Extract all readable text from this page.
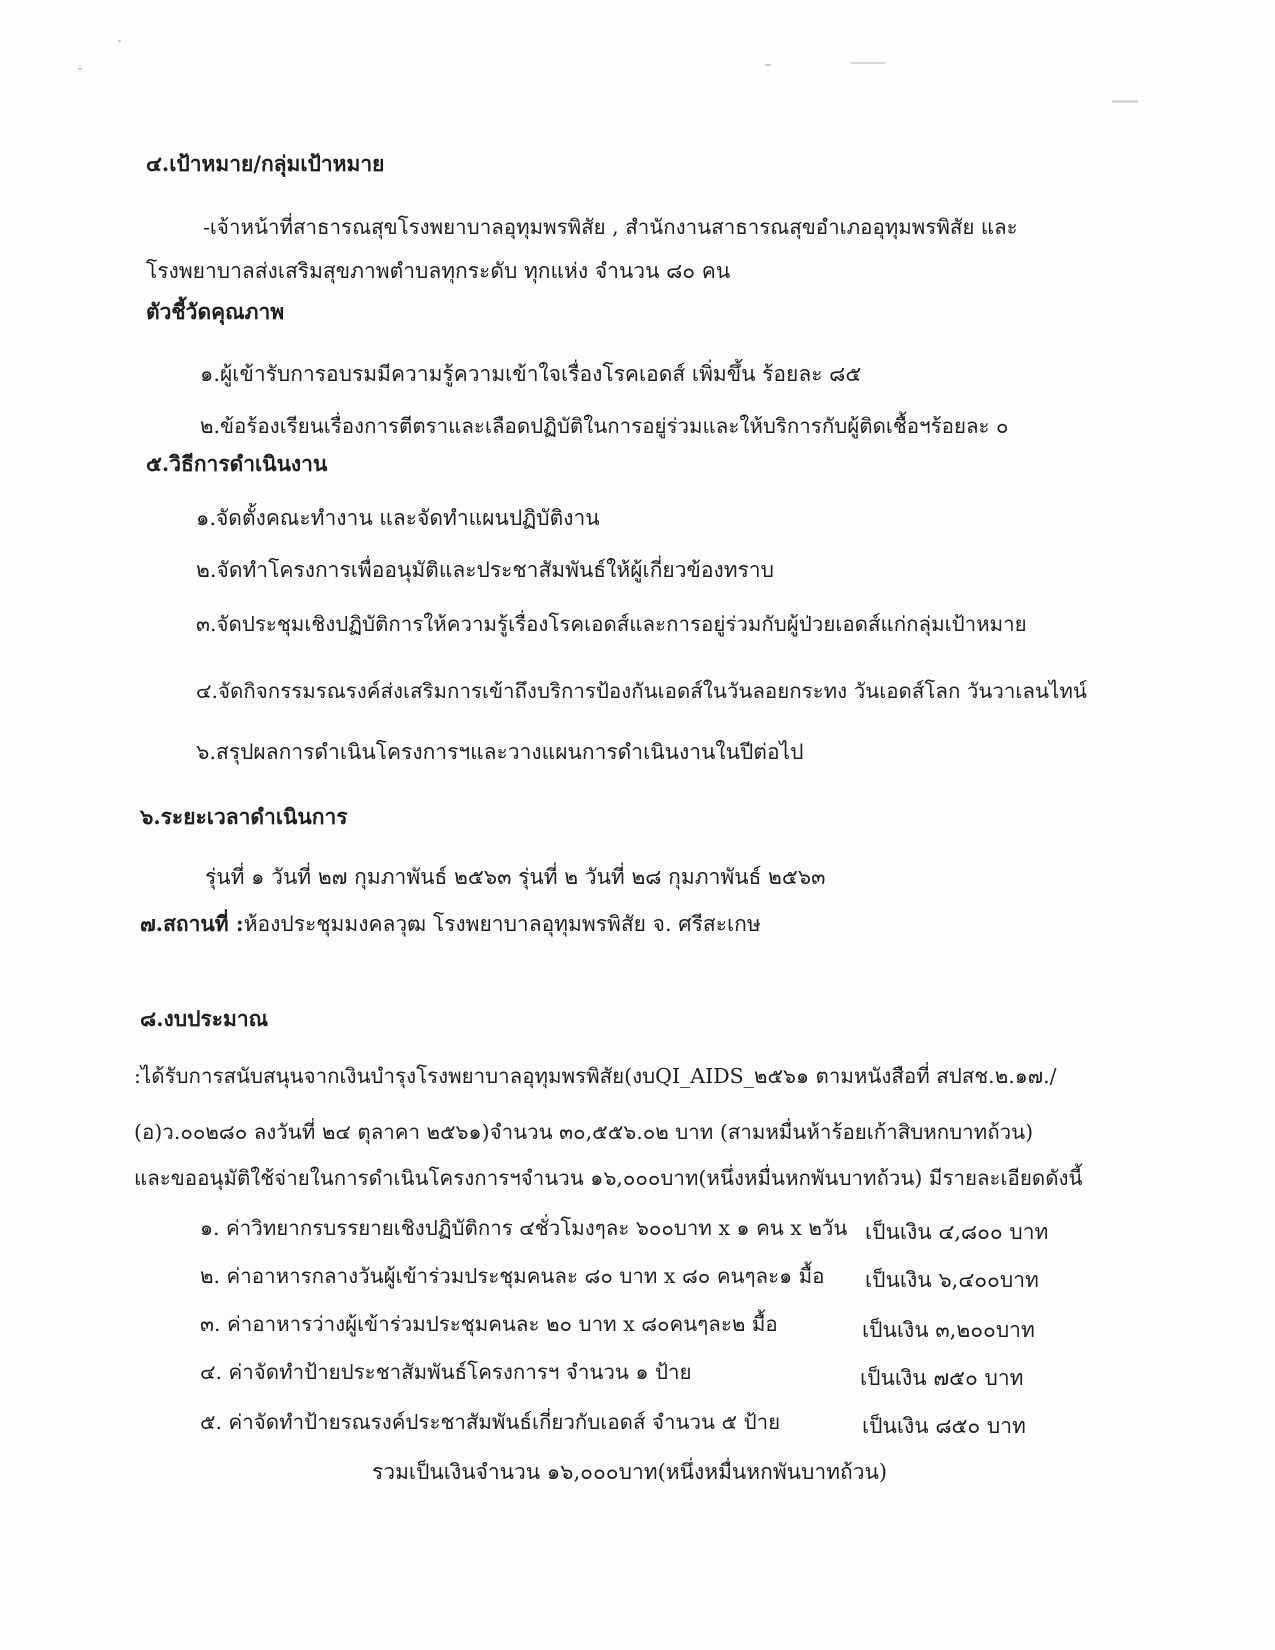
๔.เป้าหมาย/กลุ่มเป้าหมาย
-เจ้าหน้าที่สาธารณสุขโรงพยาบาลอุทุมพรพิสัย , สำนักงานสาธารณสุขอำเภออุทุมพรพิสัย และ
โรงพยาบาลส่งเสริมสุขภาพตำบลทุกระดับ ทุกแห่ง จำนวน ๘๐ คน
ตัวชี้วัดคุณภาพ
๑.ผู้เข้ารับการอบรมมีความรู้ความเข้าใจเรื่องโรคเอดส์ เพิ่มขึ้น ร้อยละ ๘๕
๒.ข้อร้องเรียนเรื่องการตีตราและเลือดปฏิบัติในการอยู่ร่วมและให้บริการกับผู้ติดเชื้อฯร้อยละ ๐
๕.วิธีการดำเนินงาน
๑.จัดตั้งคณะทำงาน และจัดทำแผนปฏิบัติงาน
๒.จัดทำโครงการเพื่ออนุมัติและประชาสัมพันธ์ให้ผู้เกี่ยวข้องทราบ
๓.จัดประชุมเชิงปฏิบัติการให้ความรู้เรื่องโรคเอดส์และการอยู่ร่วมกับผู้ป่วยเอดส์แก่กลุ่มเป้าหมาย
๔.จัดกิจกรรมรณรงค์ส่งเสริมการเข้าถึงบริการป้องกันเอดส์ในวันลอยกระทง วันเอดส์โลก วันวาเลนไทน์
๖.สรุปผลการดำเนินโครงการฯและวางแผนการดำเนินงานในปีต่อไป
๖.ระยะเวลาดำเนินการ
รุ่นที่ ๑ วันที่ ๒๗ กุมภาพันธ์ ๒๕๖๓ รุ่นที่ ๒ วันที่ ๒๘ กุมภาพันธ์ ๒๕๖๓
๗.สถานที่ :ห้องประชุมมงคลวุฒ โรงพยาบาลอุทุมพรพิสัย จ. ศรีสะเกษ
๘.งบประมาณ
:ได้รับการสนับสนุนจากเงินบำรุงโรงพยาบาลอุทุมพรพิสัย(งบQI_AIDS_๒๕๖๑ ตามหนังสือที่ สปสช.๒.๑๗./
(อ)ว.๐๐๒๘๐ ลงวันที่ ๒๔ ตุลาคา ๒๕๖๑)จำนวน ๓๐,๕๕๖.๐๒ บาท (สามหมื่นห้าร้อยเก้าสิบหกบาทถ้วน)
และขออนุมัติใช้จ่ายในการดำเนินโครงการฯจำนวน ๑๖,๐๐๐บาท(หนึ่งหมื่นหกพันบาทถ้วน) มีรายละเอียดดังนี้
๑. ค่าวิทยากรบรรยายเชิงปฏิบัติการ ๔ชั่วโมงๆละ ๖๐๐บาท x ๑ คน x ๒วัน เป็นเงิน ๔,๘๐๐ บาท
๒. ค่าอาหารกลางวันผู้เข้าร่วมประชุมคนละ ๘๐ บาท x ๘๐ คนๆละ๑ มื้อ เป็นเงิน ๖,๔๐๐บาท
๓. ค่าอาหารว่างผู้เข้าร่วมประชุมคนละ ๒๐ บาท x ๘๐คนๆละ๒ มื้อ	เป็นเงิน ๓,๒๐๐บาท
๔. ค่าจัดทำป้ายประชาสัมพันธ์โครงการฯ จำนวน ๑ ป้าย	เป็นเงิน ๗๕๐ บาท
๕. ค่าจัดทำป้ายรณรงค์ประชาสัมพันธ์เกี่ยวกับเอดส์ จำนวน ๕ ป้าย	เป็นเงิน ๘๕๐ บาท
รวมเป็นเงินจำนวน ๑๖,๐๐๐บาท(หนึ่งหมื่นหกพันบาทถ้วน)
